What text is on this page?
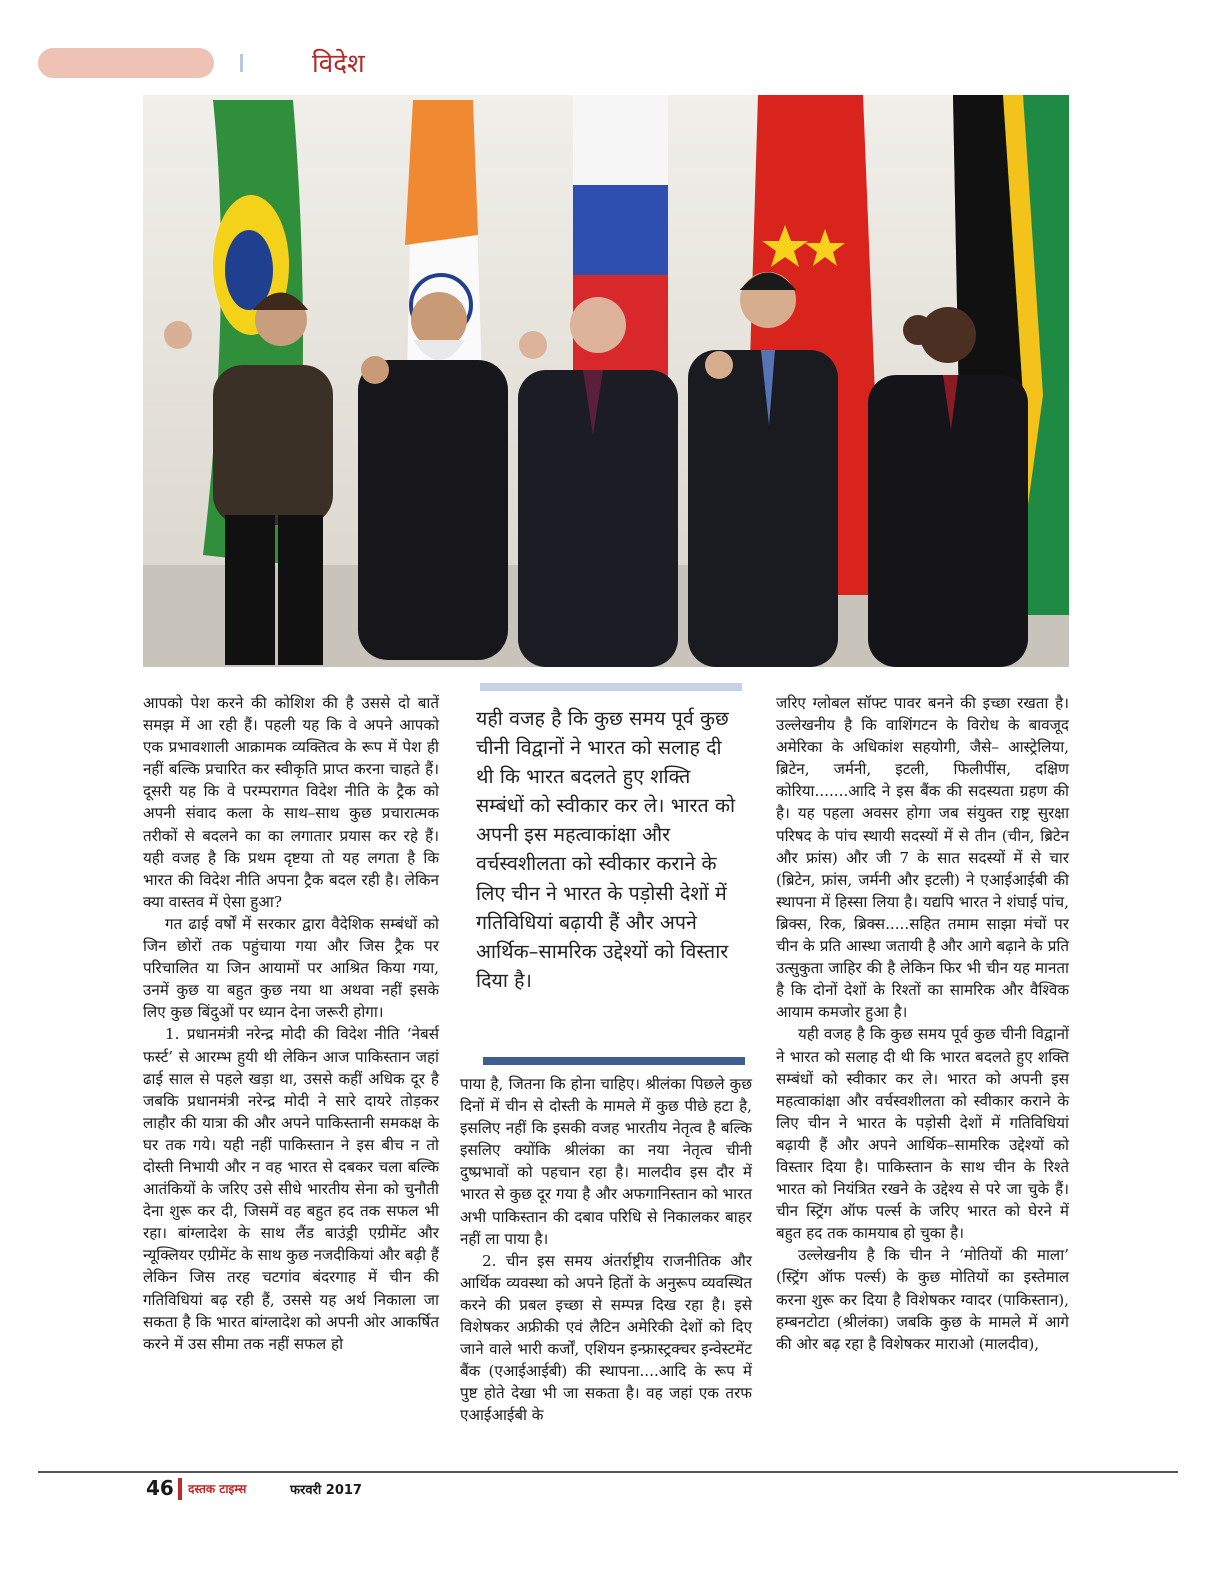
विदेश

आपको पेश करने की कोशिश की है उससे दो बातें समझ में आ रही हैं। पहली यह कि वे अपने आपको एक प्रभावशाली आक्रामक व्यक्तित्व के रूप में पेश ही नहीं बल्कि प्रचारित कर स्वीकृति प्राप्त करना चाहते हैं। दूसरी यह कि वे परम्परागत विदेश नीति के ट्रैक को अपनी संवाद कला के साथ–साथ कुछ प्रचारात्मक तरीकों से बदलने का का लगातार प्रयास कर रहे हैं। यही वजह है कि प्रथम दृष्टया तो यह लगता है कि भारत की विदेश नीति अपना ट्रैक बदल रही है। लेकिन क्या वास्तव में ऐसा हुआ?

गत ढाई वर्षों में सरकार द्वारा वैदेशिक सम्बंधों को जिन छोरों तक पहुंचाया गया और जिस ट्रैक पर परिचालित या जिन आयामों पर आश्रित किया गया, उनमें कुछ या बहुत कुछ नया था अथवा नहीं इसके लिए कुछ बिंदुओं पर ध्यान देना जरूरी होगा।

1. प्रधानमंत्री नरेन्द्र मोदी की विदेश नीति ‘नेबर्स फर्स्ट’ से आरम्भ हुयी थी लेकिन आज पाकिस्तान जहां ढाई साल से पहले खड़ा था, उससे कहीं अधिक दूर है जबकि प्रधानमंत्री नरेन्द्र मोदी ने सारे दायरे तोड़कर लाहौर की यात्रा की और अपने पाकिस्तानी समकक्ष के घर तक गये। यही नहीं पाकिस्तान ने इस बीच न तो दोस्ती निभायी और न वह भारत से दबकर चला बल्कि आतंकियों के जरिए उसे सीधे भारतीय सेना को चुनौती देना शुरू कर दी, जिसमें वह बहुत हद तक सफल भी रहा। बांग्लादेश के साथ लैंड बाउंड्री एग्रीमेंट और न्यूक्लियर एग्रीमेंट के साथ कुछ नजदीकियां और बढ़ी हैं लेकिन जिस तरह चटगांव बंदरगाह में चीन की गतिविधियां बढ़ रही हैं, उससे यह अर्थ निकाला जा सकता है कि भारत बांग्लादेश को अपनी ओर आकर्षित करने में उस सीमा तक नहीं सफल हो

यही वजह है कि कुछ समय पूर्व कुछ चीनी विद्वानों ने भारत को सलाह दी थी कि भारत बदलते हुए शक्ति सम्बंधों को स्वीकार कर ले। भारत को अपनी इस महत्वाकांक्षा और वर्चस्वशीलता को स्वीकार कराने के लिए चीन ने भारत के पड़ोसी देशों में गतिविधियां बढ़ायी हैं और अपने आर्थिक–सामरिक उद्देश्यों को विस्तार दिया है।

पाया है, जितना कि होना चाहिए। श्रीलंका पिछले कुछ दिनों में चीन से दोस्ती के मामले में कुछ पीछे हटा है, इसलिए नहीं कि इसकी वजह भारतीय नेतृत्व है बल्कि इसलिए क्योंकि श्रीलंका का नया नेतृत्व चीनी दुष्प्रभावों को पहचान रहा है। मालदीव इस दौर में भारत से कुछ दूर गया है और अफगानिस्तान को भारत अभी पाकिस्तान की दबाव परिधि से निकालकर बाहर नहीं ला पाया है।

2. चीन इस समय अंतर्राष्ट्रीय राजनीतिक और आर्थिक व्यवस्था को अपने हितों के अनुरूप व्यवस्थित करने की प्रबल इच्छा से सम्पन्न दिख रहा है। इसे विशेषकर अफ्रीकी एवं लैटिन अमेरिकी देशों को दिए जाने वाले भारी कर्जों, एशियन इन्फ्रास्ट्रक्चर इन्वेस्टमेंट बैंक (एआईआईबी) की स्थापना....आदि के रूप में पुष्ट होते देखा भी जा सकता है। वह जहां एक तरफ एआईआईबी के

जरिए ग्लोबल सॉफ्ट पावर बनने की इच्छा रखता है। उल्लेखनीय है कि वाशिंगटन के विरोध के बावजूद अमेरिका के अधिकांश सहयोगी, जैसे– आस्ट्रेलिया, ब्रिटेन, जर्मनी, इटली, फिलीपींस, दक्षिण कोरिया.......आदि ने इस बैंक की सदस्यता ग्रहण की है। यह पहला अवसर होगा जब संयुक्त राष्ट्र सुरक्षा परिषद के पांच स्थायी सदस्यों में से तीन (चीन, ब्रिटेन और फ्रांस) और जी 7 के सात सदस्यों में से चार (ब्रिटेन, फ्रांस, जर्मनी और इटली) ने एआईआईबी की स्थापना में हिस्सा लिया है। यद्यपि भारत ने शंघाई पांच, ब्रिक्स, रिक, ब्रिक्स.....सहित तमाम साझा मंचों पर चीन के प्रति आस्था जतायी है और आगे बढ़ाने के प्रति उत्सुकुता जाहिर की है लेकिन फिर भी चीन यह मानता है कि दोनों देशों के रिश्तों का सामरिक और वैश्विक आयाम कमजोर हुआ है।

यही वजह है कि कुछ समय पूर्व कुछ चीनी विद्वानों ने भारत को सलाह दी थी कि भारत बदलते हुए शक्ति सम्बंधों को स्वीकार कर ले। भारत को अपनी इस महत्वाकांक्षा और वर्चस्वशीलता को स्वीकार कराने के लिए चीन ने भारत के पड़ोसी देशों में गतिविधियां बढ़ायी हैं और अपने आर्थिक–सामरिक उद्देश्यों को विस्तार दिया है। पाकिस्तान के साथ चीन के रिश्ते भारत को नियंत्रित रखने के उद्देश्य से परे जा चुके हैं। चीन स्ट्रिंग ऑफ पर्ल्स के जरिए भारत को घेरने में बहुत हद तक कामयाब हो चुका है।

उल्लेखनीय है कि चीन ने ‘मोतियों की माला’ (स्ट्रिंग ऑफ पर्ल्स) के कुछ मोतियों का इस्तेमाल करना शुरू कर दिया है विशेषकर ग्वादर (पाकिस्तान), हम्बनटोटा (श्रीलंका) जबकि कुछ के मामले में आगे की ओर बढ़ रहा है विशेषकर माराओ (मालदीव),

46 दस्तक टाइम्स	फरवरी 2017
